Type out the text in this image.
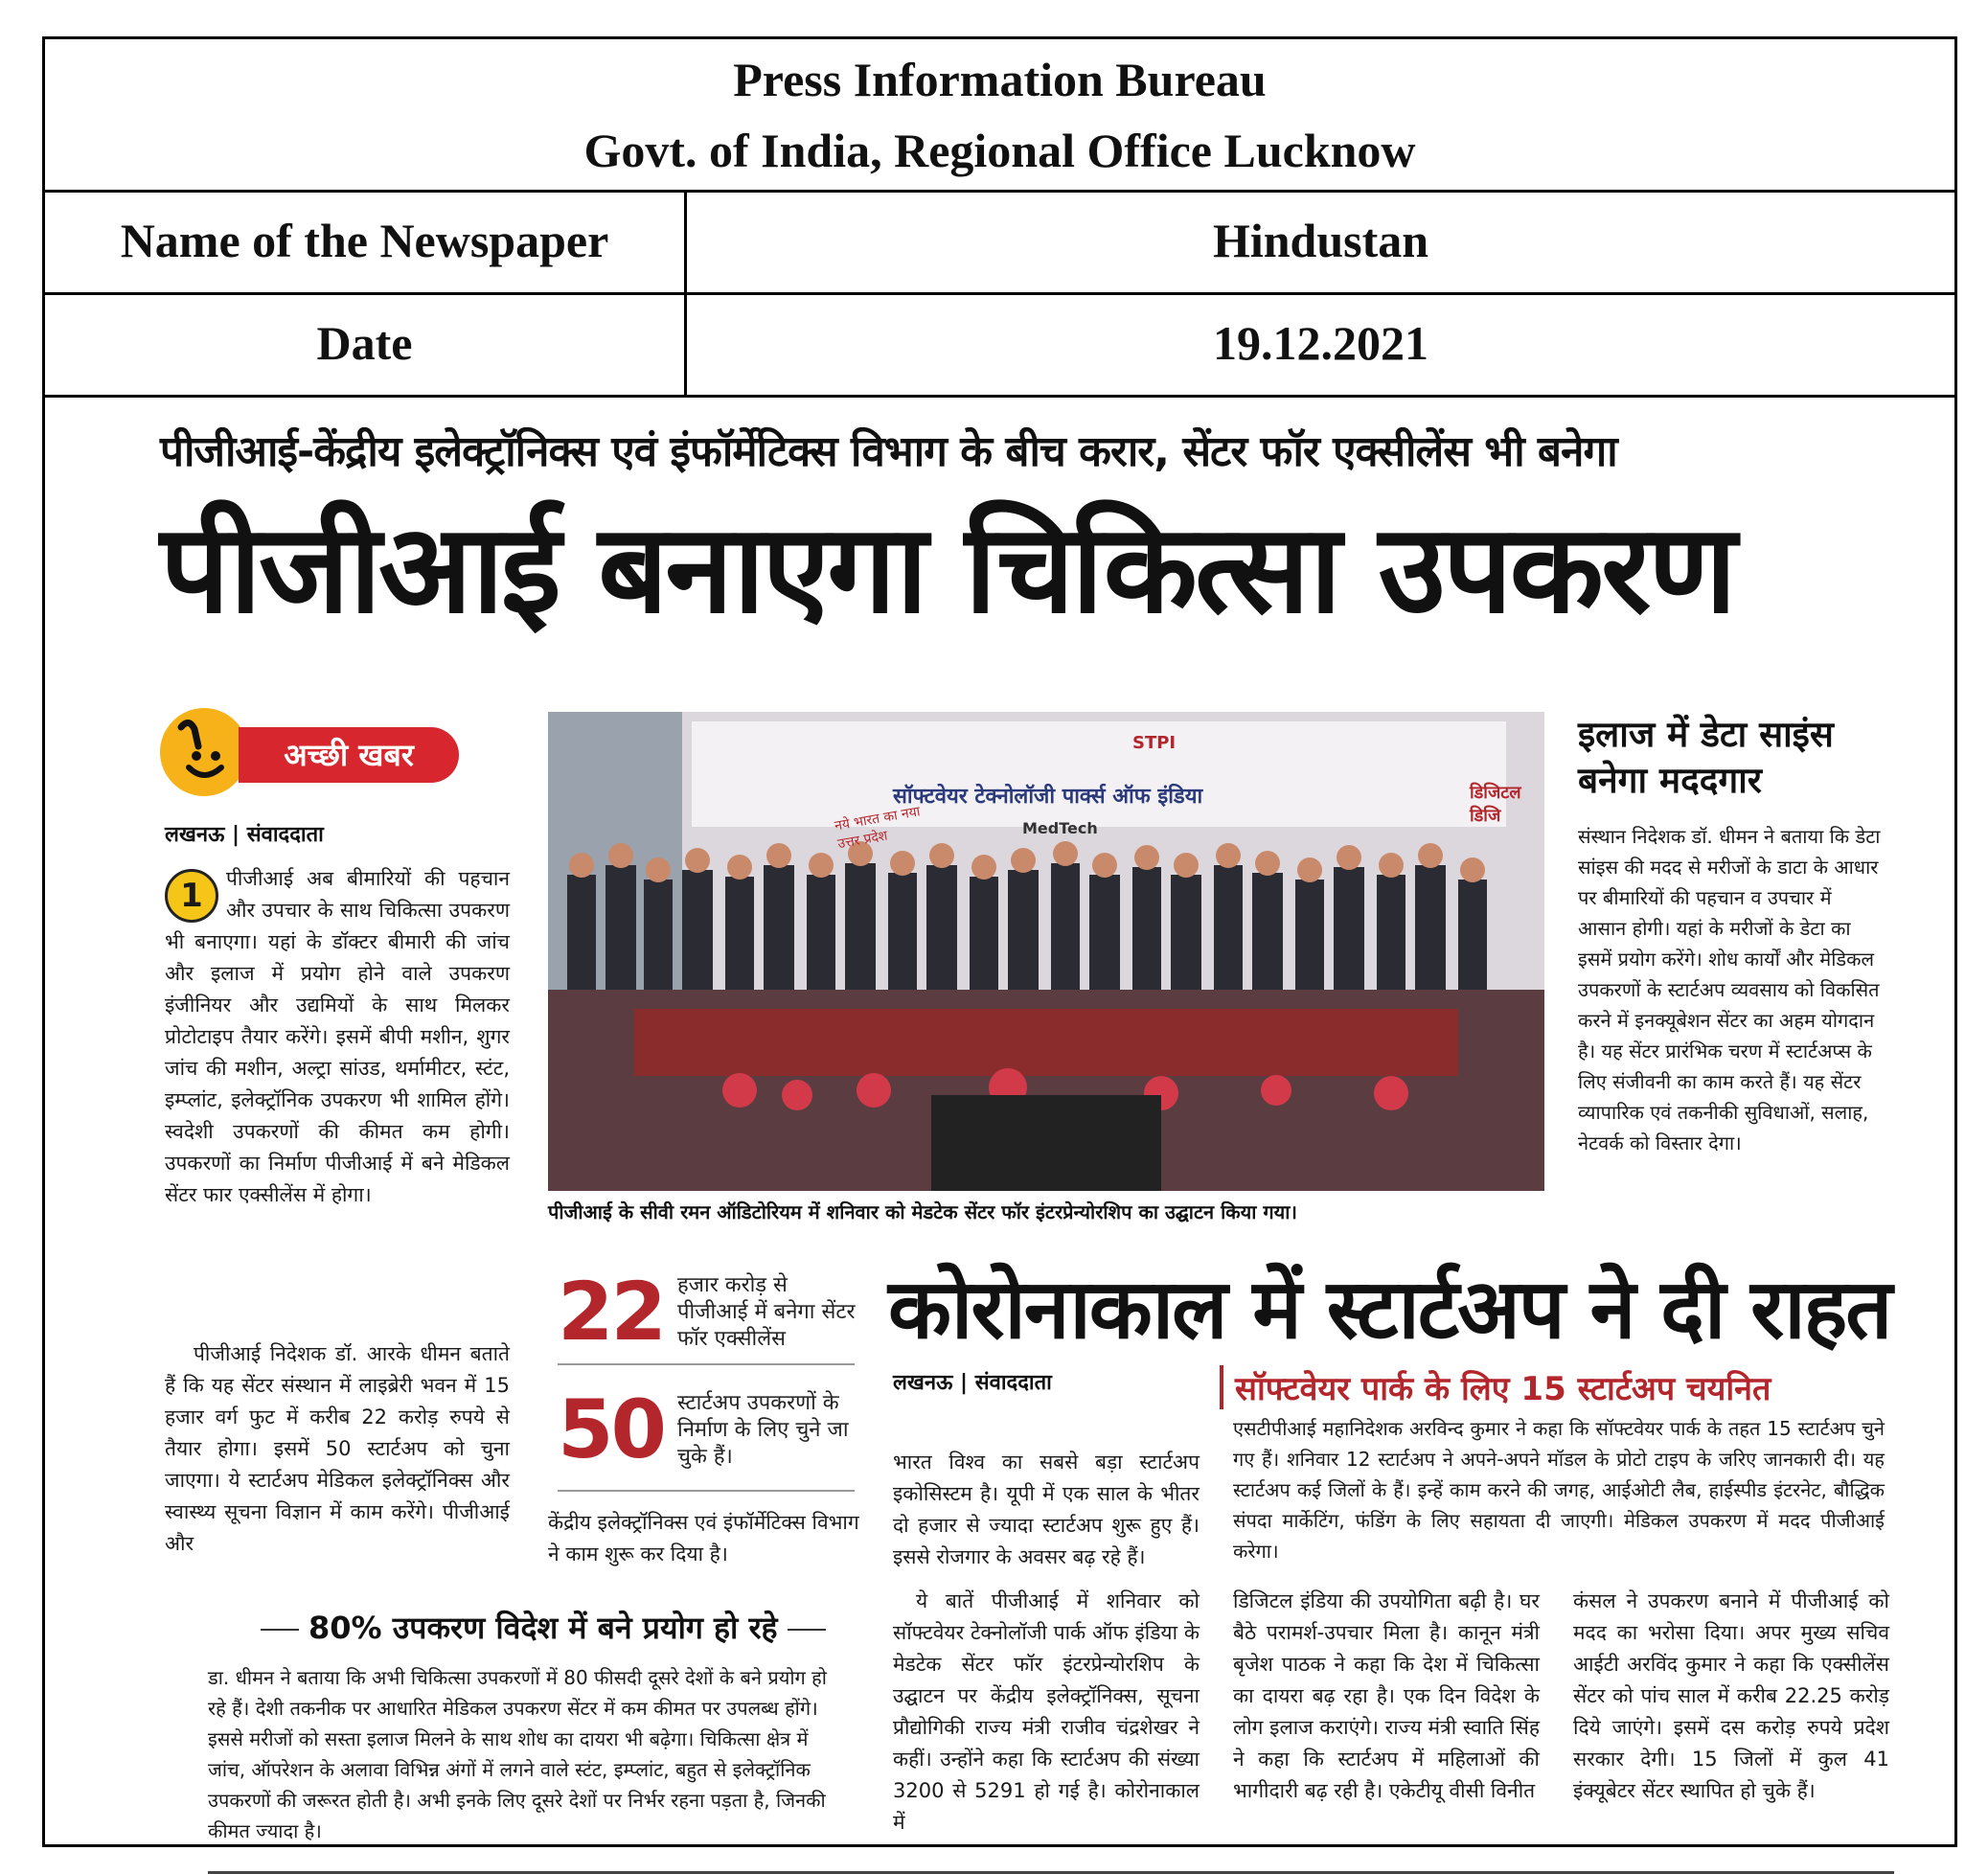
Press Information Bureau
Govt. of India, Regional Office Lucknow
Name of the Newspaper	Hindustan
Date	19.12.2021
पीजीआई-केंद्रीय इलेक्ट्रॉनिक्स एवं इंफॉर्मेटिक्स विभाग के बीच करार, सेंटर फॉर एक्सीलेंस भी बनेगा
पीजीआई बनाएगा चिकित्सा उपकरण
अच्छी खबर
लखनऊ | संवाददाता
1	पीजीआई अब बीमारियों की पहचान और उपचार के साथ चिकित्सा उपकरण भी बनाएगा। यहां के डॉक्टर बीमारी की जांच और इलाज में प्रयोग होने वाले उपकरण इंजीनियर और उद्यमियों के साथ मिलकर प्रोटोटाइप तैयार करेंगे। इसमें बीपी मशीन, शुगर जांच की मशीन, अल्ट्रा सांउड, थर्मामीटर, स्टंट, इम्प्लांट, इलेक्ट्रॉनिक उपकरण भी शामिल होंगे। स्वदेशी उपकरणों की कीमत कम होगी। उपकरणों का निर्माण पीजीआई में बने मेडिकल सेंटर फार एक्सीलेंस में होगा।
पीजीआई निदेशक डॉ. आरके धीमन बताते हैं कि यह सेंटर संस्थान में लाइब्रेरी भवन में 15 हजार वर्ग फुट में करीब 22 करोड़ रुपये से तैयार होगा। इसमें 50 स्टार्टअप को चुना जाएगा। ये स्टार्टअप मेडिकल इलेक्ट्रॉनिक्स और स्वास्थ्य सूचना विज्ञान में काम करेंगे। पीजीआई और
सॉफ्टवेयर टेक्नोलॉजी पार्क्स ऑफ इंडिया
MedTech
STPI
नये भारत का नया उत्तर प्रदेश
डिजिटल डिजि
पीजीआई के सीवी रमन ऑडिटोरियम में शनिवार को मेडटेक सेंटर फॉर इंटरप्रेन्योरशिप का उद्घाटन किया गया।
इलाज में डेटा साइंस बनेगा मददगार
संस्थान निदेशक डॉ. धीमन ने बताया कि डेटा सांइस की मदद से मरीजों के डाटा के आधार पर बीमारियों की पहचान व उपचार में आसान होगी। यहां के मरीजों के डेटा का इसमें प्रयोग करेंगे। शोध कार्यों और मेडिकल उपकरणों के स्टार्टअप व्यवसाय को विकसित करने में इनक्यूबेशन सेंटर का अहम योगदान है। यह सेंटर प्रारंभिक चरण में स्टार्टअप्स के लिए संजीवनी का काम करते हैं। यह सेंटर व्यापारिक एवं तकनीकी सुविधाओं, सलाह, नेटवर्क को विस्तार देगा।
22 हजार करोड़ से पीजीआई में बनेगा सेंटर फॉर एक्सीलेंस
50 स्टार्टअप उपकरणों के निर्माण के लिए चुने जा चुके हैं।
केंद्रीय इलेक्ट्रॉनिक्स एवं इंफॉर्मेटिक्स विभाग ने काम शुरू कर दिया है।
80% उपकरण विदेश में बने प्रयोग हो रहे
डा. धीमन ने बताया कि अभी चिकित्सा उपकरणों में 80 फीसदी दूसरे देशों के बने प्रयोग हो रहे हैं। देशी तकनीक पर आधारित मेडिकल उपकरण सेंटर में कम कीमत पर उपलब्ध होंगे। इससे मरीजों को सस्ता इलाज मिलने के साथ शोध का दायरा भी बढ़ेगा। चिकित्सा क्षेत्र में जांच, ऑपरेशन के अलावा विभिन्न अंगों में लगने वाले स्टंट, इम्प्लांट, बहुत से इलेक्ट्रॉनिक उपकरणों की जरूरत होती है। अभी इनके लिए दूसरे देशों पर निर्भर रहना पड़ता है, जिनकी कीमत ज्यादा है।
कोरोनाकाल में स्टार्टअप ने दी राहत
लखनऊ | संवाददाता	सॉफ्टवेयर पार्क के लिए 15 स्टार्टअप चयनित
एसटीपीआई महानिदेशक अरविन्द कुमार ने कहा कि सॉफ्टवेयर पार्क के तहत 15 स्टार्टअप चुने गए हैं। शनिवार 12 स्टार्टअप ने अपने-अपने मॉडल के प्रोटो टाइप के जरिए जानकारी दी। यह स्टार्टअप कई जिलों के हैं। इन्हें काम करने की जगह, आईओटी लैब, हाईस्पीड इंटरनेट, बौद्धिक संपदा मार्केटिंग, फंडिंग के लिए सहायता दी जाएगी। मेडिकल उपकरण में मदद पीजीआई करेगा।
भारत विश्व का सबसे बड़ा स्टार्टअप इकोसिस्टम है। यूपी में एक साल के भीतर दो हजार से ज्यादा स्टार्टअप शुरू हुए हैं। इससे रोजगार के अवसर बढ़ रहे हैं।
ये बातें पीजीआई में शनिवार को सॉफ्टवेयर टेक्नोलॉजी पार्क ऑफ इंडिया के मेडटेक सेंटर फॉर इंटरप्रेन्योरशिप के उद्घाटन पर केंद्रीय इलेक्ट्रॉनिक्स, सूचना प्रौद्योगिकी राज्य मंत्री राजीव चंद्रशेखर ने कहीं। उन्होंने कहा कि स्टार्टअप की संख्या 3200 से 5291 हो गई है। कोरोनाकाल में
डिजिटल इंडिया की उपयोगिता बढ़ी है। घर बैठे परामर्श-उपचार मिला है। कानून मंत्री बृजेश पाठक ने कहा कि देश में चिकित्सा का दायरा बढ़ रहा है। एक दिन विदेश के लोग इलाज कराएंगे। राज्य मंत्री स्वाति सिंह ने कहा कि स्टार्टअप में महिलाओं की भागीदारी बढ़ रही है। एकेटीयू वीसी विनीत
कंसल ने उपकरण बनाने में पीजीआई को मदद का भरोसा दिया। अपर मुख्य सचिव आईटी अरविंद कुमार ने कहा कि एक्सीलेंस सेंटर को पांच साल में करीब 22.25 करोड़ दिये जाएंगे। इसमें दस करोड़ रुपये प्रदेश सरकार देगी। 15 जिलों में कुल 41 इंक्यूबेटर सेंटर स्थापित हो चुके हैं।
